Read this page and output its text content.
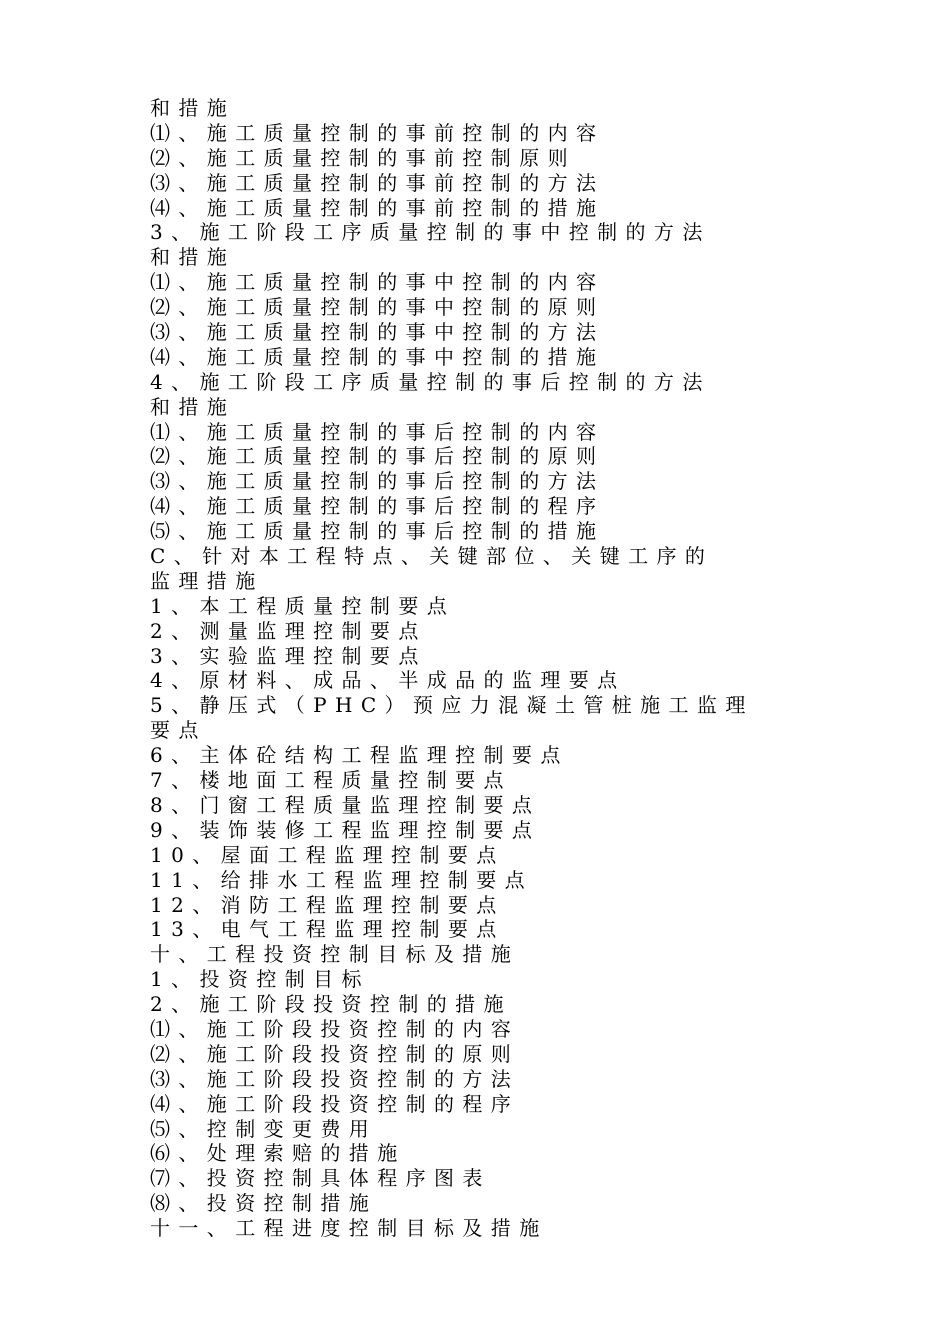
和措施
⑴、施工质量控制的事前控制的内容
⑵、施工质量控制的事前控制原则
⑶、施工质量控制的事前控制的方法
⑷、施工质量控制的事前控制的措施
3、施工阶段工序质量控制的事中控制的方法
和措施
⑴、施工质量控制的事中控制的内容
⑵、施工质量控制的事中控制的原则
⑶、施工质量控制的事中控制的方法
⑷、施工质量控制的事中控制的措施
4、施工阶段工序质量控制的事后控制的方法
和措施
⑴、施工质量控制的事后控制的内容
⑵、施工质量控制的事后控制的原则
⑶、施工质量控制的事后控制的方法
⑷、施工质量控制的事后控制的程序
⑸、施工质量控制的事后控制的措施
C、针对本工程特点、关键部位、关键工序的
监理措施
1、本工程质量控制要点
2、测量监理控制要点
3、实验监理控制要点
4、原材料、成品、半成品的监理要点
5、静压式（PHC）预应力混凝土管桩施工监理
要点
6、主体砼结构工程监理控制要点
7、楼地面工程质量控制要点
8、门窗工程质量监理控制要点
9、装饰装修工程监理控制要点
10、屋面工程监理控制要点
11、给排水工程监理控制要点
12、消防工程监理控制要点
13、电气工程监理控制要点
十、工程投资控制目标及措施
1、投资控制目标
2、施工阶段投资控制的措施
⑴、施工阶段投资控制的内容
⑵、施工阶段投资控制的原则
⑶、施工阶段投资控制的方法
⑷、施工阶段投资控制的程序
⑸、控制变更费用
⑹、处理索赔的措施
⑺、投资控制具体程序图表
⑻、投资控制措施
十一、工程进度控制目标及措施
